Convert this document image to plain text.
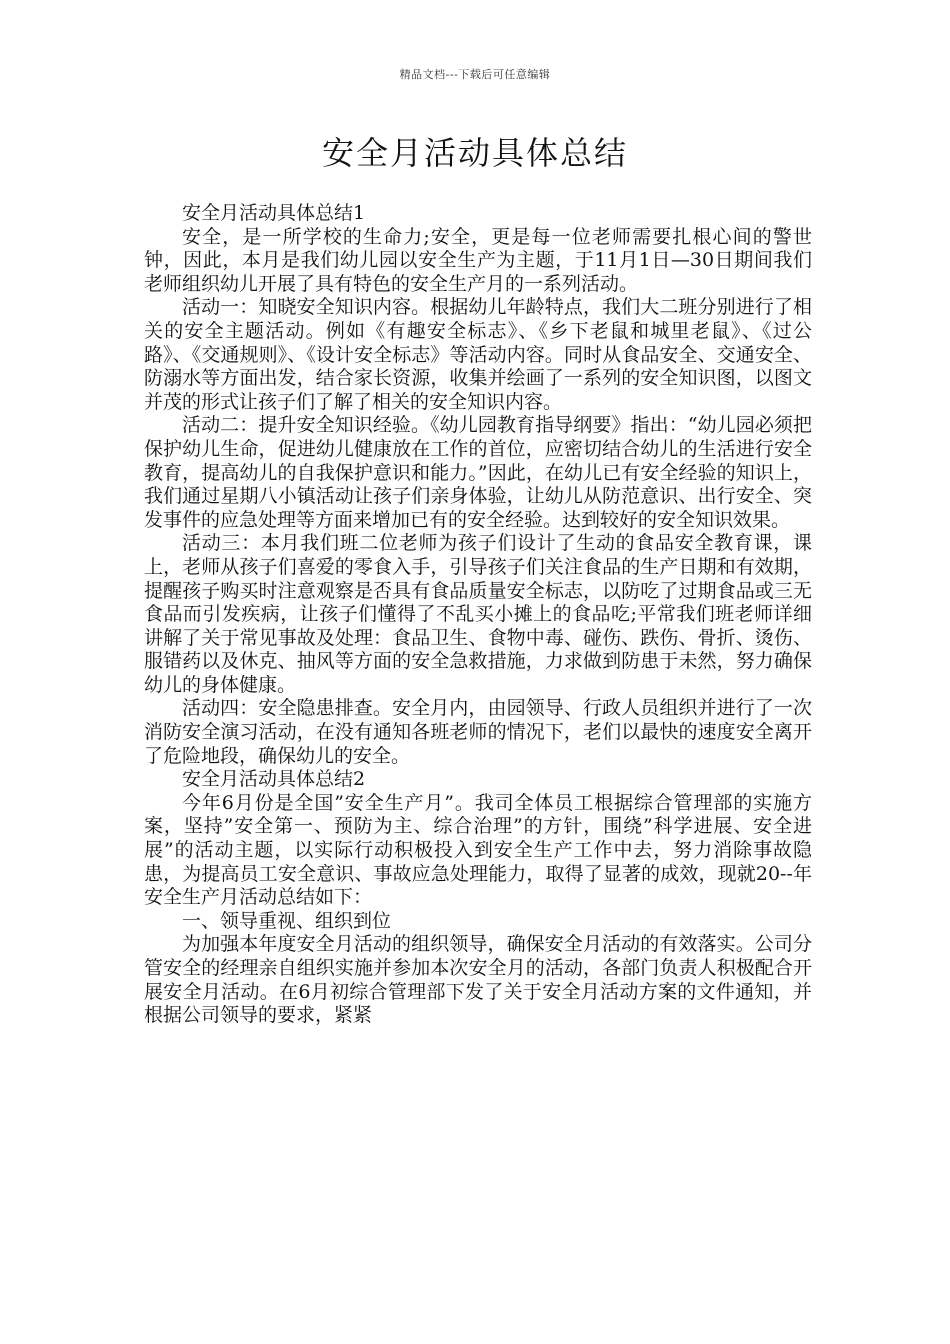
精品文档---下载后可任意编辑
安全月活动具体总结

安全月活动具体总结1

安全，是一所学校的生命力;安全，更是每一位老师需要扎根心间的警世钟，因此，本月是我们幼儿园以安全生产为主题，于11月1日—30日期间我们老师组织幼儿开展了具有特色的安全生产月的一系列活动。

活动一：知晓安全知识内容。根据幼儿年龄特点，我们大二班分别进行了相关的安全主题活动。例如《有趣安全标志》、《乡下老鼠和城里老鼠》、《过公路》、《交通规则》、《设计安全标志》等活动内容。同时从食品安全、交通安全、防溺水等方面出发，结合家长资源，收集并绘画了一系列的安全知识图，以图文并茂的形式让孩子们了解了相关的安全知识内容。

活动二：提升安全知识经验。《幼儿园教育指导纲要》指出：“幼儿园必须把保护幼儿生命，促进幼儿健康放在工作的首位，应密切结合幼儿的生活进行安全教育，提高幼儿的自我保护意识和能力。”因此，在幼儿已有安全经验的知识上，我们通过星期八小镇活动让孩子们亲身体验，让幼儿从防范意识、出行安全、突发事件的应急处理等方面来增加已有的安全经验。达到较好的安全知识效果。

活动三：本月我们班二位老师为孩子们设计了生动的食品安全教育课，课上，老师从孩子们喜爱的零食入手，引导孩子们关注食品的生产日期和有效期，提醒孩子购买时注意观察是否具有食品质量安全标志，以防吃了过期食品或三无食品而引发疾病，让孩子们懂得了不乱买小摊上的食品吃;平常我们班老师详细讲解了关于常见事故及处理：食品卫生、食物中毒、碰伤、跌伤、骨折、烫伤、服错药以及休克、抽风等方面的安全急救措施，力求做到防患于未然，努力确保幼儿的身体健康。

活动四：安全隐患排查。安全月内，由园领导、行政人员组织并进行了一次消防安全演习活动，在没有通知各班老师的情况下，老们以最快的速度安全离开了危险地段，确保幼儿的安全。

安全月活动具体总结2

今年6月份是全国”安全生产月”。我司全体员工根据综合管理部的实施方案，坚持”安全第一、预防为主、综合治理”的方针，围绕”科学进展、安全进展”的活动主题，以实际行动积极投入到安全生产工作中去，努力消除事故隐患，为提高员工安全意识、事故应急处理能力，取得了显著的成效，现就20--年安全生产月活动总结如下：

一、领导重视、组织到位

为加强本年度安全月活动的组织领导，确保安全月活动的有效落实。公司分管安全的经理亲自组织实施并参加本次安全月的活动，各部门负责人积极配合开展安全月活动。在6月初综合管理部下发了关于安全月活动方案的文件通知，并根据公司领导的要求，紧紧
